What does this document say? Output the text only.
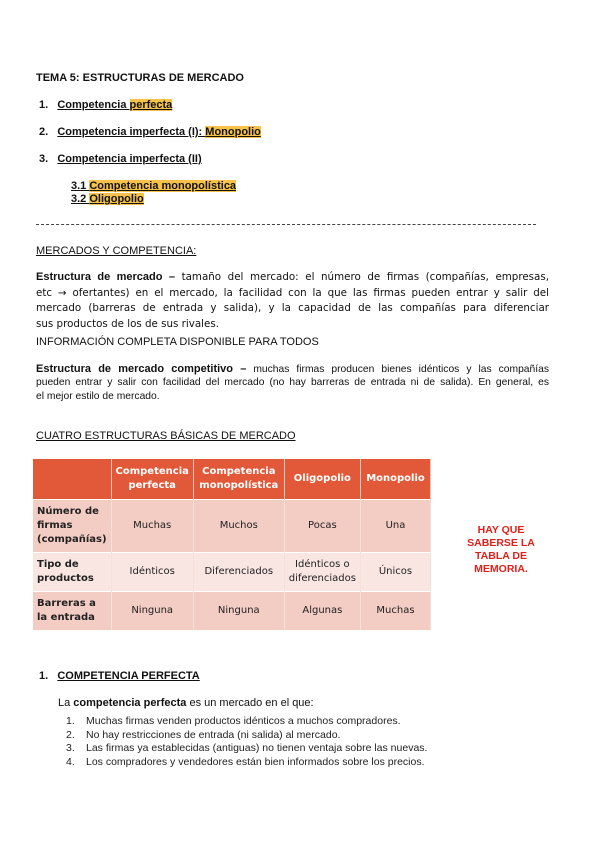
TEMA 5: ESTRUCTURAS DE MERCADO
1. Competencia perfecta
2. Competencia imperfecta (I): Monopolio
3. Competencia imperfecta (II)
3.1 Competencia monopolística
3.2 Oligopolio
MERCADOS Y COMPETENCIA:
Estructura de mercado – tamaño del mercado: el número de firmas (compañías, empresas,
etc → ofertantes) en el mercado, la facilidad con la que las firmas pueden entrar y salir del
mercado (barreras de entrada y salida), y la capacidad de las compañías para diferenciar
sus productos de los de sus rivales.
INFORMACIÓN COMPLETA DISPONIBLE PARA TODOS
Estructura de mercado competitivo – muchas firmas producen bienes idénticos y las compañías
pueden entrar y salir con facilidad del mercado (no hay barreras de entrada ni de salida). En general, es
el mejor estilo de mercado.
CUATRO ESTRUCTURAS BÁSICAS DE MERCADO
	Competencia perfecta	Competencia monopolística	Oligopolio	Monopolio
Número de firmas (compañías)	Muchas	Muchos	Pocas	Una
Tipo de productos	Idénticos	Diferenciados	Idénticos o diferenciados	Únicos
Barreras a la entrada	Ninguna	Ninguna	Algunas	Muchas
HAY QUE SABERSE LA TABLA DE MEMORIA.
1. COMPETENCIA PERFECTA
La competencia perfecta es un mercado en el que:
1. Muchas firmas venden productos idénticos a muchos compradores.
2. No hay restricciones de entrada (ni salida) al mercado.
3. Las firmas ya establecidas (antiguas) no tienen ventaja sobre las nuevas.
4. Los compradores y vendedores están bien informados sobre los precios.
